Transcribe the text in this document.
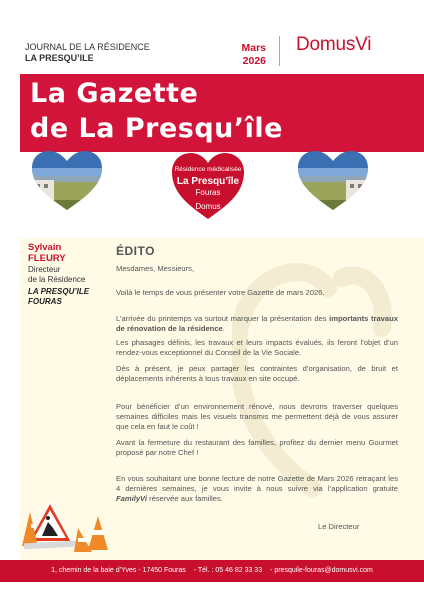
JOURNAL DE LA RÉSIDENCE
LA PRESQU’ILE
Mars
2026
DomusVi
La Gazette
de La Presqu’île
Résidence médicalisée
La Presqu’île
Fouras
Domus
Sylvain
FLEURY
Directeur
de la Résidence
LA PRESQU’ILE
FOURAS
ÉDITO
Mesdames, Messieurs,
Voilà le temps de vous présenter votre Gazette de mars 2026.
L’arrivée du printemps va surtout marquer la présentation des importants travaux de rénovation de la résidence.
Les phasages définis, les travaux et leurs impacts évalués, ils feront l’objet d’un rendez-vous exceptionnel du Conseil de la Vie Sociale.
Dès à présent, je peux partager les contraintes d’organisation, de bruit et déplacements inhérents à tous travaux en site occupé.
Pour bénéficier d’un environnement rénové, nous devrons traverser quelques semaines difficiles mais les visuels transmis me permettent déjà de vous assurer que cela en faut le coût !
Avant la fermeture du restaurant des familles, profitez du dernier menu Gourmet proposé par notre Chef !
En vous souhaitant une bonne lecture de notre Gazette de Mars 2026 retraçant les 4 dernières semaines, je vous invite à nous suivre via l’application gratuite FamilyVi réservée aux familles.
Le Directeur
1, chemin de la baie d’Yves - 17450 Fouras - Tél. : 05 46 82 33 33 - presquile-fouras@domusvi.com
